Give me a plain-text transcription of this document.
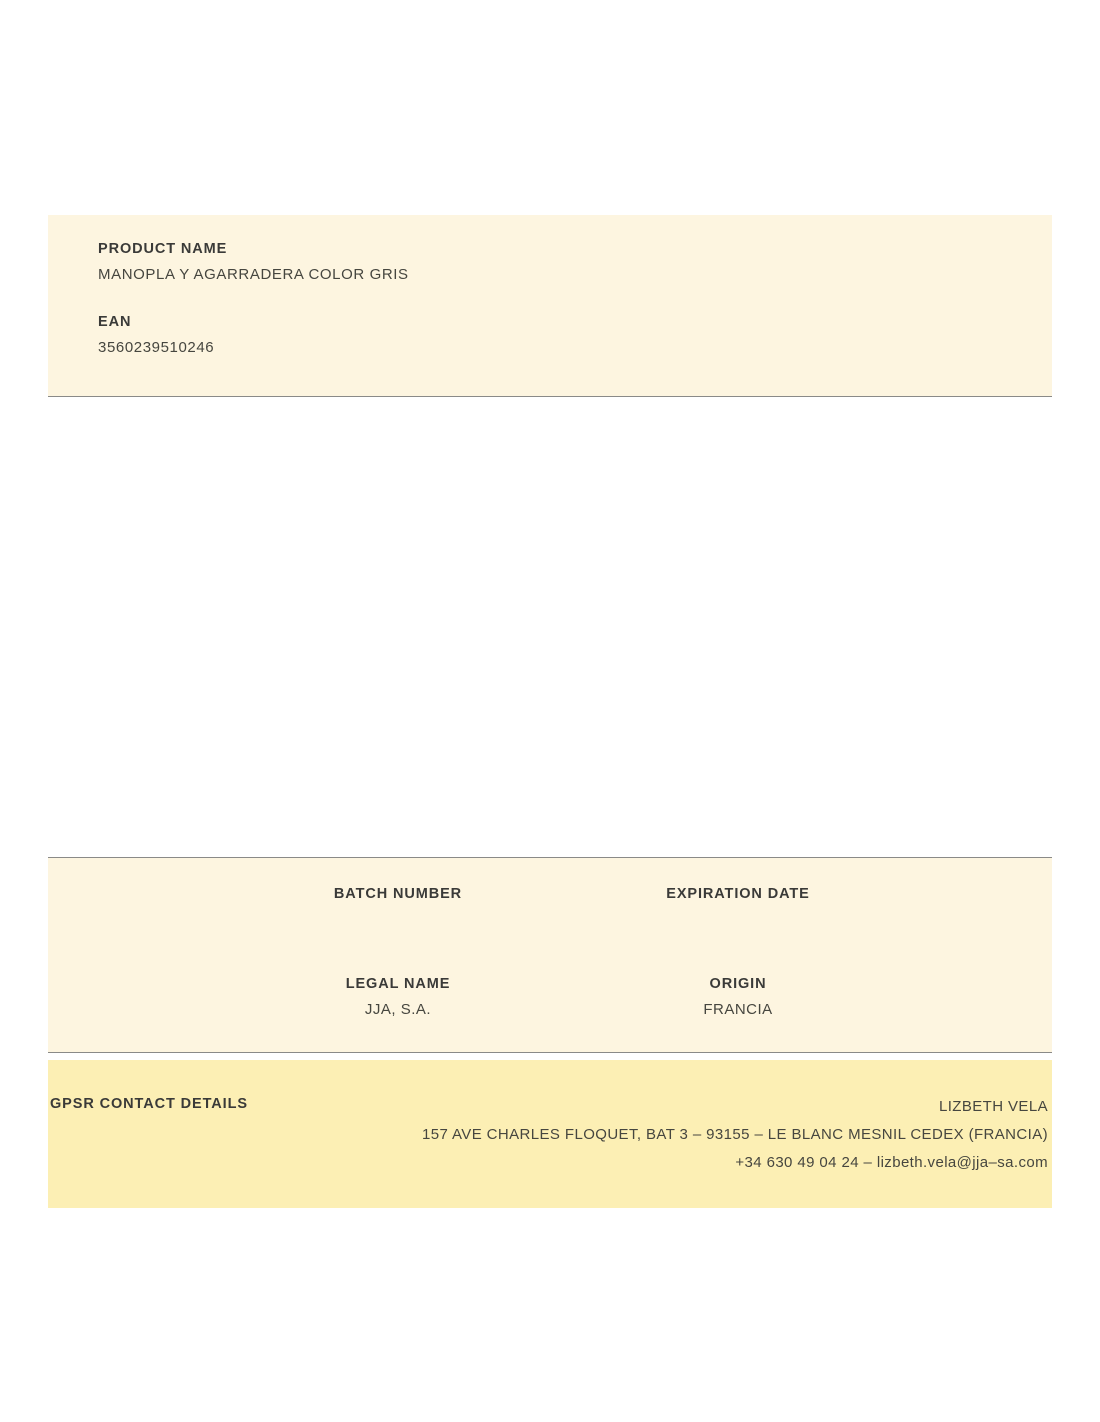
PRODUCT NAME
MANOPLA Y AGARRADERA COLOR GRIS
EAN
3560239510246
BATCH NUMBER	EXPIRATION DATE
LEGAL NAME
JJA, S.A.
ORIGIN
FRANCIA
GPSR CONTACT DETAILS	LIZBETH VELA
157 AVE CHARLES FLOQUET, BAT 3 – 93155 – LE BLANC MESNIL CEDEX (FRANCIA)
+34 630 49 04 24 – lizbeth.vela@jja–sa.com
